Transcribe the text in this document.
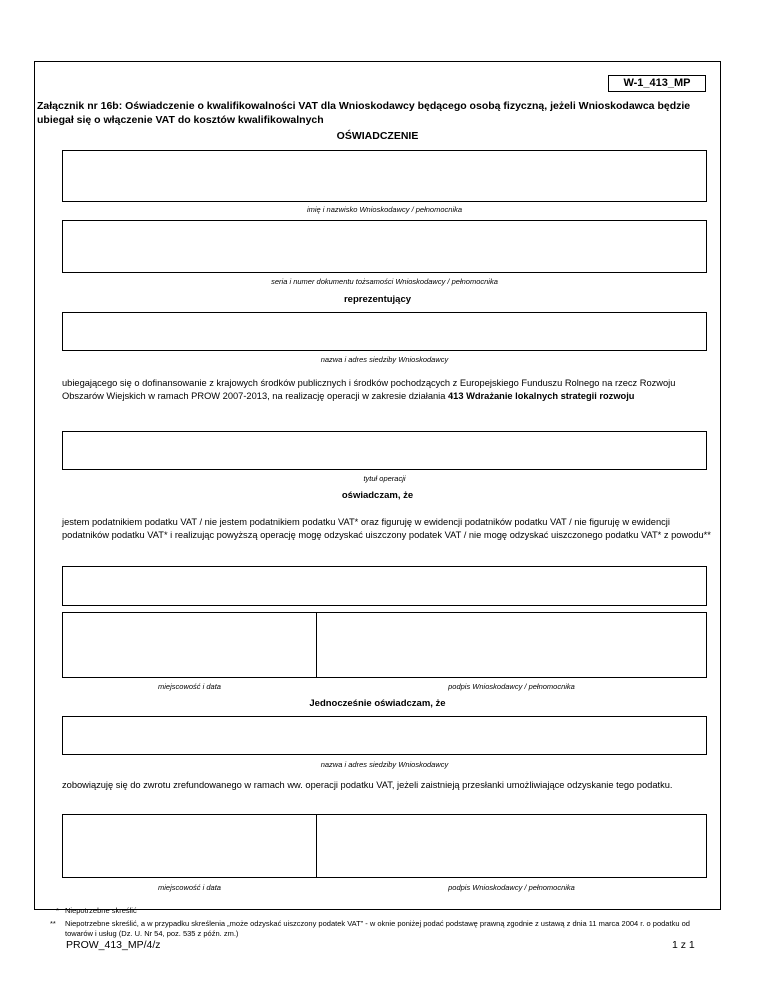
W-1_413_MP
Załącznik nr 16b: Oświadczenie o kwalifikowalności VAT dla Wnioskodawcy będącego osobą fizyczną, jeżeli Wnioskodawca będzie ubiegał się o włączenie VAT do kosztów kwalifikowalnych
OŚWIADCZENIE
imię i nazwisko Wnioskodawcy / pełnomocnika
seria i numer dokumentu tożsamości Wnioskodawcy / pełnomocnika
reprezentujący
nazwa i adres siedziby Wnioskodawcy
ubiegającego się o dofinansowanie z krajowych środków publicznych i środków pochodzących z Europejskiego Funduszu Rolnego na rzecz Rozwoju Obszarów Wiejskich w ramach PROW 2007-2013, na realizację operacji w zakresie działania 413 Wdrażanie lokalnych strategii rozwoju
tytuł operacji
oświadczam, że
jestem podatnikiem podatku VAT / nie jestem podatnikiem podatku VAT* oraz figuruję w ewidencji podatników podatku VAT / nie figuruję w ewidencji podatników podatku VAT* i realizując powyższą operację mogę odzyskać uiszczony podatek VAT / nie mogę odzyskać uiszczonego podatku VAT* z powodu**
miejscowość i data	podpis Wnioskodawcy / pełnomocnika
Jednocześnie oświadczam, że
nazwa i adres siedziby Wnioskodawcy
zobowiązuję się do zwrotu zrefundowanego w ramach ww. operacji podatku VAT, jeżeli zaistnieją przesłanki umożliwiające odzyskanie tego podatku.
miejscowość i data	podpis Wnioskodawcy / pełnomocnika
* Niepotrzebne skreślić
** Niepotrzebne skreślić, a w przypadku skreślenia „może odzyskać uiszczony podatek VAT” - w oknie poniżej podać podstawę prawną zgodnie z ustawą z dnia 11 marca 2004 r. o podatku od towarów i usług (Dz. U. Nr 54, poz. 535 z późn. zm.)
PROW_413_MP/4/z	1 z 1
